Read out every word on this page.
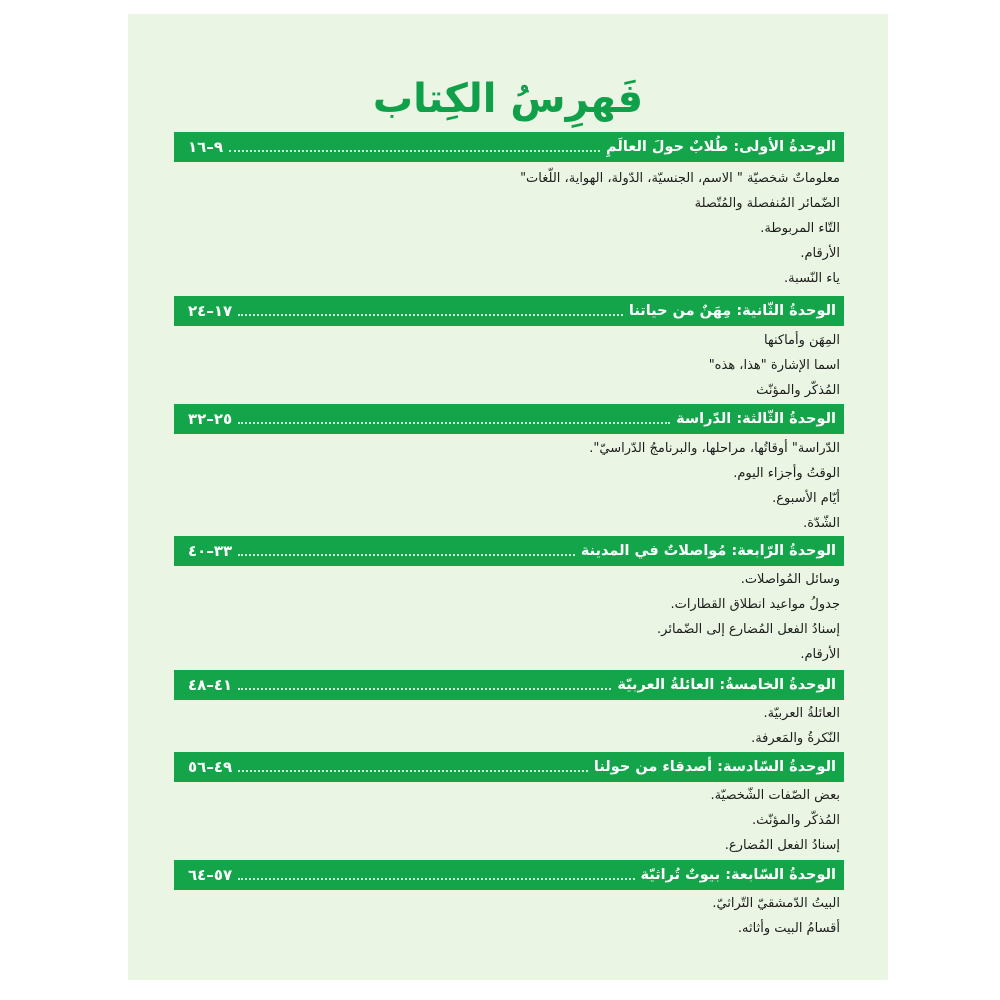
فَهرِسُ الكِتاب
الوحدةُ الأولى: طُلابٌ حولَ العالَمِ
٩–١٦
معلوماتٌ شخصيّة " الاسم، الجنسيّة، الدّولة، الهواية، اللّغات"
الضّمائر المُنفصلة والمُتّصلة
التّاء المربوطة.
الأرقام.
ياء النّسبة.
الوحدةُ الثّانية: مِهَنٌ من حياتنا
١٧–٢٤
المِهَن وأماكنها
اسما الإشارة "هذا، هذه"
المُذكّر والمؤنّث
الوحدةُ الثّالثة: الدّراسة
٢٥–٣٢
الدّراسة" أوقاتُها، مراحلها، والبرنامجُ الدّراسيّ".
الوقتُ وأجزاء اليوم.
أيّام الأسبوع.
الشّدّة.
الوحدةُ الرّابعة: مُواصلاتٌ في المدينة
٣٣–٤٠
وسائل المُواصلات.
جدولُ مواعيد انطلاق القطارات.
إسنادُ الفعل المُضارع إلى الضّمائر.
الأرقام.
الوحدةُ الخامسةُ: العائلةُ العربيّة
٤١–٤٨
العائلةُ العربيّة.
النّكرةُ والمَعرفة.
الوحدةُ السّادسة: أصدقاء من حولنا
٤٩–٥٦
بعض الصّفات الشّخصيّة.
المُذكّر والمؤنّث.
إسنادُ الفعل المُضارع.
الوحدةُ السّابعة: بيوتٌ تُراثيّة
٥٧–٦٤
البيتُ الدّمشقيّ التّراثيّ.
أقسامُ البيت وأثاثه.
